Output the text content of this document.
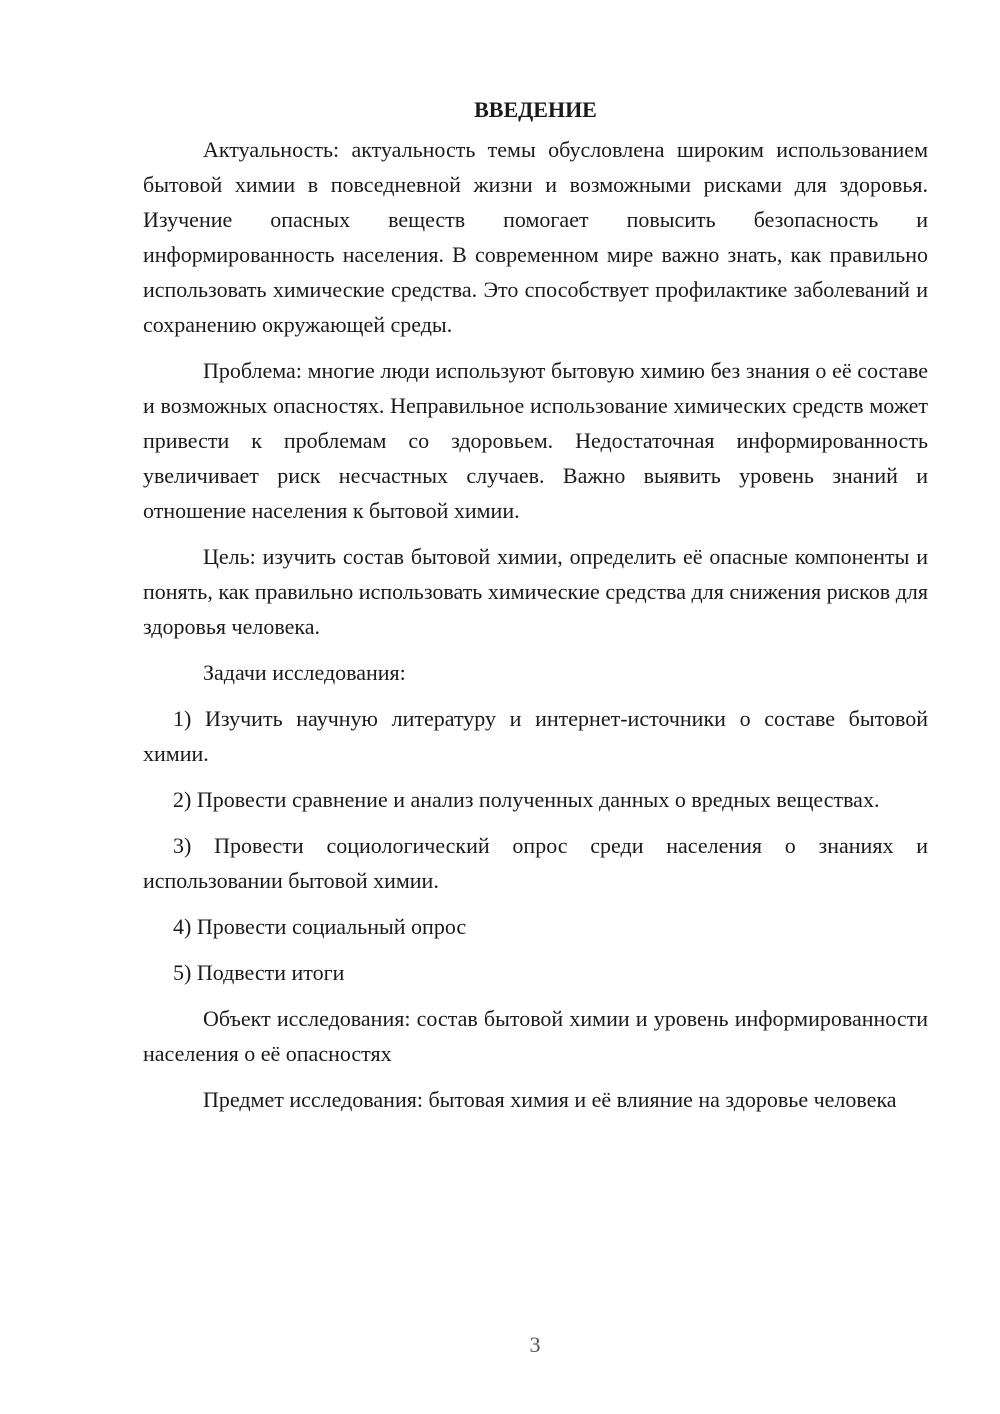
ВВЕДЕНИЕ

Актуальность: актуальность темы обусловлена широким использованием бытовой химии в повседневной жизни и возможными рисками для здоровья. Изучение опасных веществ помогает повысить безопасность и информированность населения. В современном мире важно знать, как правильно использовать химические средства. Это способствует профилактике заболеваний и сохранению окружающей среды.

Проблема: многие люди используют бытовую химию без знания о её составе и возможных опасностях. Неправильное использование химических средств может привести к проблемам со здоровьем. Недостаточная информированность увеличивает риск несчастных случаев. Важно выявить уровень знаний и отношение населения к бытовой химии.

Цель: изучить состав бытовой химии, определить её опасные компоненты и понять, как правильно использовать химические средства для снижения рисков для здоровья человека.

Задачи исследования:

1) Изучить научную литературу и интернет-источники о составе бытовой химии.

2) Провести сравнение и анализ полученных данных о вредных веществах.

3) Провести социологический опрос среди населения о знаниях и использовании бытовой химии.

4) Провести социальный опрос

5) Подвести итоги

Объект исследования: состав бытовой химии и уровень информированности населения о её опасностях

Предмет исследования: бытовая химия и её влияние на здоровье человека

3
